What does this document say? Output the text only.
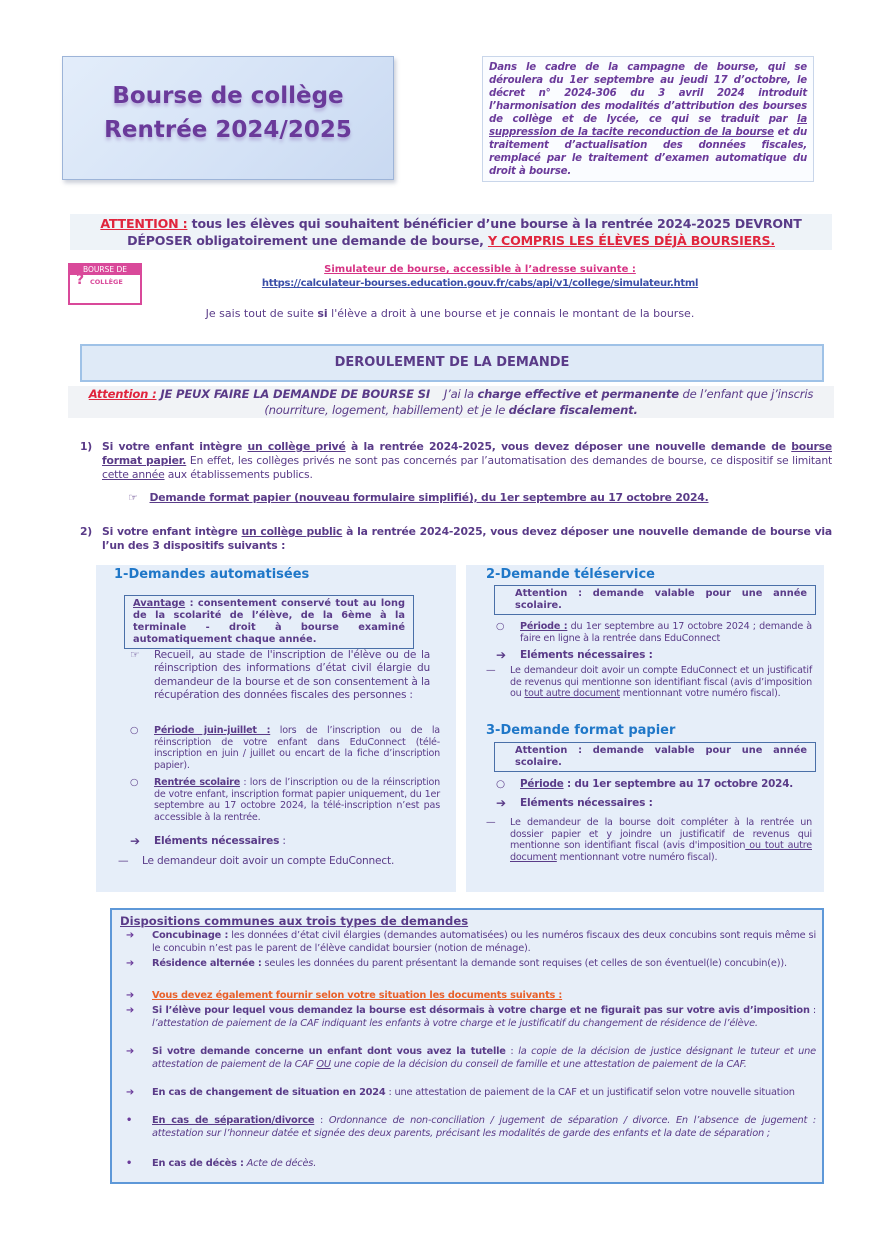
Bourse de collège
Rentrée 2024/2025

Dans le cadre de la campagne de bourse, qui se déroulera du 1er septembre au jeudi 17 d’octobre, le décret n° 2024-306 du 3 avril 2024 introduit l’harmonisation des modalités d’attribution des bourses de collège et de lycée, ce qui se traduit par la suppression de la tacite reconduction de la bourse et du traitement d’actualisation des données fiscales, remplacé par le traitement d’examen automatique du droit à bourse.

ATTENTION : tous les élèves qui souhaitent bénéficier d’une bourse à la rentrée 2024-2025 DEVRONT DÉPOSER obligatoirement une demande de bourse, Y COMPRIS LES ÉLÈVES DÉJÀ BOURSIERS.
BOURSE DE
? COLLÈGE
Simulateur de bourse, accessible à l’adresse suivante :
https://calculateur-bourses.education.gouv.fr/cabs/api/v1/college/simulateur.html
Je sais tout de suite si l'élève a droit à une bourse et je connais le montant de la bourse.
DEROULEMENT DE LA DEMANDE
Attention : JE PEUX FAIRE LA DEMANDE DE BOURSE SI J’ai la charge effective et permanente de l’enfant que j’inscris (nourriture, logement, habillement) et je le déclare fiscalement.
1) Si votre enfant intègre un collège privé à la rentrée 2024-2025, vous devez déposer une nouvelle demande de bourse format papier. En effet, les collèges privés ne sont pas concernés par l’automatisation des demandes de bourse, ce dispositif se limitant cette année aux établissements publics.
☞ Demande format papier (nouveau formulaire simplifié), du 1er septembre au 17 octobre 2024.
2) Si votre enfant intègre un collège public à la rentrée 2024-2025, vous devez déposer une nouvelle demande de bourse via l’un des 3 dispositifs suivants :
1-Demandes automatisées
Avantage : consentement conservé tout au long de la scolarité de l’élève, de la 6ème à la terminale - droit à bourse examiné automatiquement chaque année.
☞ Recueil, au stade de l'inscription de l'élève ou de la réinscription des informations d’état civil élargie du demandeur de la bourse et de son consentement à la récupération des données fiscales des personnes :
○ Période juin-juillet : lors de l’inscription ou de la réinscription de votre enfant dans EduConnect (télé-inscription en juin / juillet ou encart de la fiche d’inscription papier).
○ Rentrée scolaire : lors de l’inscription ou de la réinscription de votre enfant, inscription format papier uniquement, du 1er septembre au 17 octobre 2024, la télé-inscription n’est pas accessible à la rentrée.
➔ Eléments nécessaires :
— Le demandeur doit avoir un compte EduConnect.
2-Demande téléservice
Attention : demande valable pour une année scolaire.
○ Période : du 1er septembre au 17 octobre 2024 ; demande à faire en ligne à la rentrée dans EduConnect
➔ Eléments nécessaires :
— Le demandeur doit avoir un compte EduConnect et un justificatif de revenus qui mentionne son identifiant fiscal (avis d’imposition ou tout autre document mentionnant votre numéro fiscal).
3-Demande format papier
Attention : demande valable pour une année scolaire.
○ Période : du 1er septembre au 17 octobre 2024.
➔ Eléments nécessaires :
— Le demandeur de la bourse doit compléter à la rentrée un dossier papier et y joindre un justificatif de revenus qui mentionne son identifiant fiscal (avis d'imposition ou tout autre document mentionnant votre numéro fiscal).
Dispositions communes aux trois types de demandes
➔ Concubinage : les données d’état civil élargies (demandes automatisées) ou les numéros fiscaux des deux concubins sont requis même si le concubin n’est pas le parent de l’élève candidat boursier (notion de ménage).
➔ Résidence alternée : seules les données du parent présentant la demande sont requises (et celles de son éventuel(le) concubin(e)).
➔ Vous devez également fournir selon votre situation les documents suivants :
➔ Si l’élève pour lequel vous demandez la bourse est désormais à votre charge et ne figurait pas sur votre avis d’imposition : l’attestation de paiement de la CAF indiquant les enfants à votre charge et le justificatif du changement de résidence de l’élève.
➔ Si votre demande concerne un enfant dont vous avez la tutelle : la copie de la décision de justice désignant le tuteur et une attestation de paiement de la CAF OU une copie de la décision du conseil de famille et une attestation de paiement de la CAF.
➔ En cas de changement de situation en 2024 : une attestation de paiement de la CAF et un justificatif selon votre nouvelle situation
• En cas de séparation/divorce : Ordonnance de non-conciliation / jugement de séparation / divorce. En l’absence de jugement : attestation sur l’honneur datée et signée des deux parents, précisant les modalités de garde des enfants et la date de séparation ;
• En cas de décès : Acte de décès.
